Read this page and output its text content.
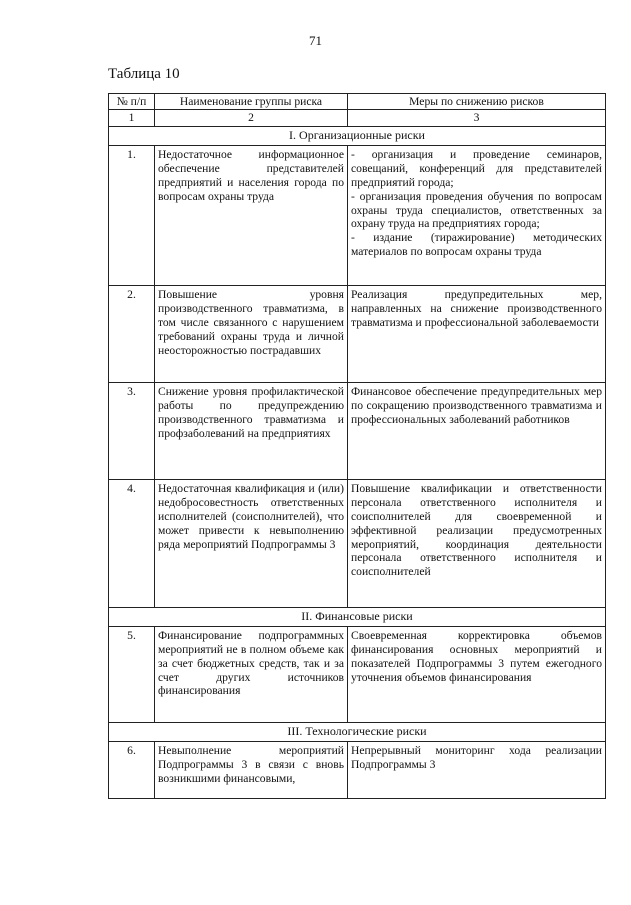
71
Таблица 10
№ п/п	Наименование группы риска	Меры по снижению рисков
1	2	3
I. Организационные риски		
1.	Недостаточное информационное обеспечение представителей предприятий и населения города по вопросам охраны труда	- организация и проведение семинаров, совещаний, конференций для представителей предприятий города;
- организация проведения обучения по вопросам охраны труда специалистов, ответственных за охрану труда на предприятиях города;
- издание (тиражирование) методических материалов по вопросам охраны труда

2.	Повышение уровня производственного травматизма, в том числе связанного с нарушением требований охраны труда и личной неосторожностью пострадавших	Реализация предупредительных мер, направленных на снижение производственного травматизма и профессиональной заболеваемости

3.	Снижение уровня профилактической работы по предупреждению производственного травматизма и профзаболеваний на предприятиях	Финансовое обеспечение предупредительных мер по сокращению производственного травматизма и профессиональных заболеваний работников

4.	Недостаточная квалификация и (или) недобросовестность ответственных исполнителей (соисполнителей), что может привести к невыполнению ряда мероприятий Подпрограммы 3	Повышение квалификации и ответственности персонала ответственного исполнителя и соисполнителей для своевременной и эффективной реализации предусмотренных мероприятий, координация деятельности персонала ответственного исполнителя и соисполнителей

II. Финансовые риски		
5.	Финансирование подпрограммных мероприятий не в полном объеме как за счет бюджетных средств, так и за счет других источников финансирования	Своевременная корректировка объемов финансирования основных мероприятий и показателей Подпрограммы 3 путем ежегодного уточнения объемов финансирования

III. Технологические риски		
6.	Невыполнение мероприятий Подпрограммы 3 в связи с вновь возникшими финансовыми,	Непрерывный мониторинг хода реализации Подпрограммы 3
